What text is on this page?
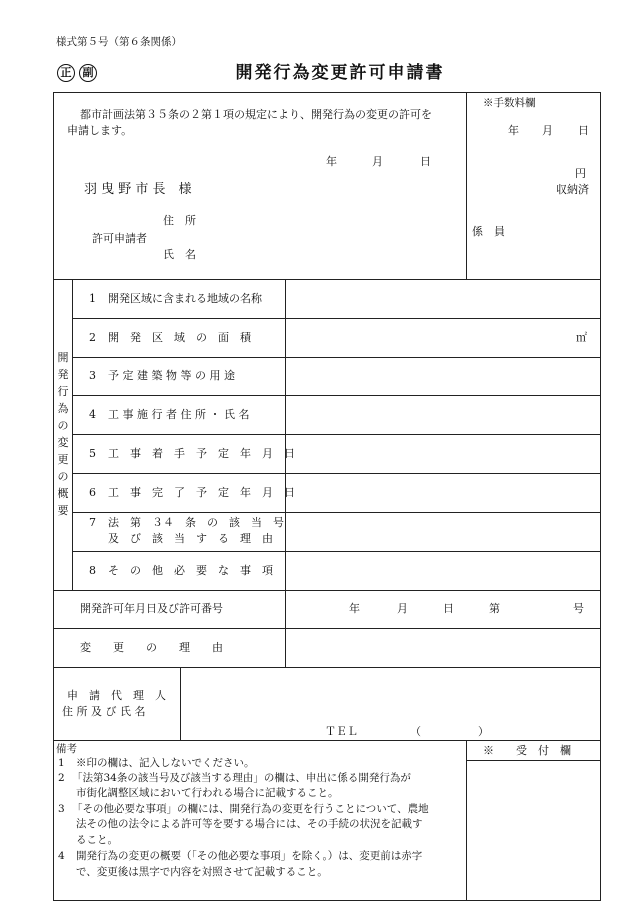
様式第５号（第６条関係）
正	副	開発行為変更許可申請書
都市計画法第３５条の２第１項の規定により、開発行為の変更の許可を
申請します。
年	月	日
羽 曳 野 市 長　様
許可申請者
住　所
氏　名
※手数料欄
年 月 日
円
収納済
係　員
開
発
行
為
の
変
更
の
概
要
1 開発区域に含まれる地域の名称
2 開　発　区　域　の　面　積	㎡
3 予 定 建 築 物 等 の 用 途
4 工 事 施 行 者 住 所 ・ 氏 名
5 工　事　着　手　予　定　年　月　日
6 工　事　完　了　予　定　年　月　日
7 法　第　３４　条　の　該　当　号
及　び　該　当　す　る　理　由
8 そ　の　他　必　要　な　事　項
開発許可年月日及び許可番号	年	月	日	第	号
変　　更　　の　　理　　由
申　請　代　理　人
住 所 及 び 氏 名
ＴＥＬ	（	）
備考
1 ※印の欄は、記入しないでください。
2 「法第34条の該当号及び該当する理由」の欄は、申出に係る開発行為が
市街化調整区域において行われる場合に記載すること。
3 「その他必要な事項」の欄には、開発行為の変更を行うことについて、農地
法その他の法令による許可等を要する場合には、その手続の状況を記載す
ること。
4 開発行為の変更の概要（「その他必要な事項」を除く。）は、変更前は赤字
で、変更後は黒字で内容を対照させて記載すること。
※　　受　付　欄
